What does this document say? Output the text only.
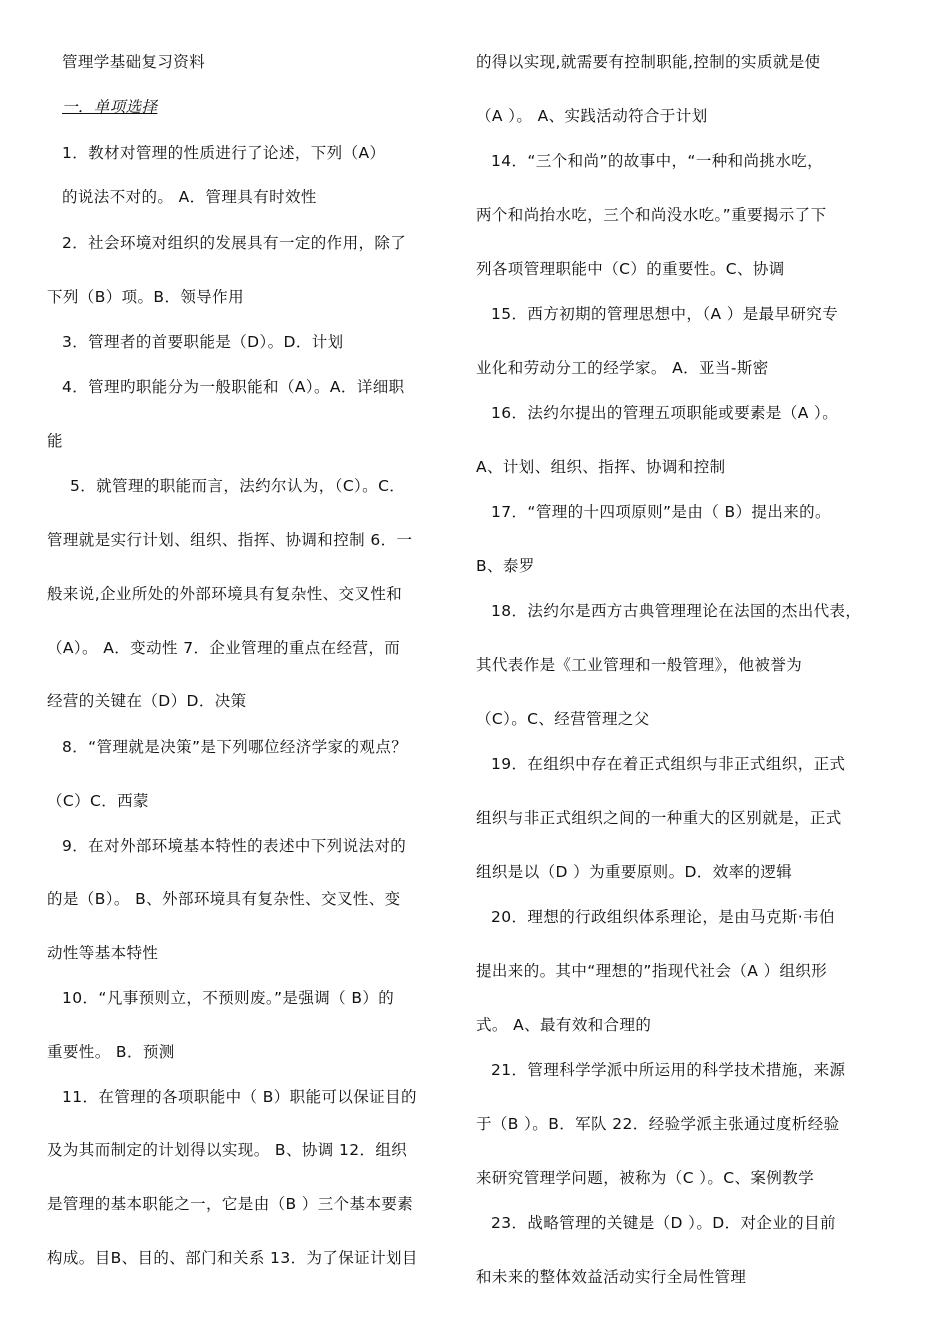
管理学基础复习资料
一．单项选择
1．教材对管理的性质进行了论述，下列（A）
的说法不对的。 A．管理具有时效性
2．社会环境对组织的发展具有一定的作用，除了
下列（B）项。B．领导作用
3．管理者的首要职能是（D）。D．计划
4．管理旳职能分为一般职能和（A）。A．详细职
能
5．就管理的职能而言，法约尔认为，（C）。C．
管理就是实行计划、组织、指挥、协调和控制 6．一
般来说,企业所处的外部环境具有复杂性、交叉性和
（A）。 A．变动性 7．企业管理的重点在经营，而
经营的关键在（D）D．决策
8．“管理就是决策”是下列哪位经济学家的观点？
（C）C．西蒙
9．在对外部环境基本特性的表述中下列说法对的
的是（B）。 B、外部环境具有复杂性、交叉性、变
动性等基本特性
10．“凡事预则立，不预则废。”是强调（ B）的
重要性。 B．预测
11．在管理的各项职能中（ B）职能可以保证目的
及为其而制定的计划得以实现。 B、协调 12．组织
是管理的基本职能之一，它是由（B ）三个基本要素
构成。目B、目的、部门和关系 13．为了保证计划目
的得以实现,就需要有控制职能,控制的实质就是使
（A ）。 A、实践活动符合于计划
14．“三个和尚”的故事中，“一种和尚挑水吃，
两个和尚抬水吃，三个和尚没水吃。”重要揭示了下
列各项管理职能中（C）的重要性。C、协调
15．西方初期的管理思想中，（A ）是最早研究专
业化和劳动分工的经学家。 A．亚当-斯密
16．法约尔提出的管理五项职能或要素是（A ）。
A、计划、组织、指挥、协调和控制
17．“管理的十四项原则”是由（ B）提出来的。
B、泰罗
18．法约尔是西方古典管理理论在法国的杰出代表，
其代表作是《工业管理和一般管理》，他被誉为
（C）。C、经营管理之父
19．在组织中存在着正式组织与非正式组织，正式
组织与非正式组织之间的一种重大的区别就是，正式
组织是以（D ）为重要原则。D．效率的逻辑
20．理想的行政组织体系理论，是由马克斯·韦伯
提出来的。其中“理想的”指现代社会（A ）组织形
式。 A、最有效和合理的
21．管理科学学派中所运用的科学技术措施，来源
于（B ）。B．军队 22．经验学派主张通过度析经验
来研究管理学问题，被称为（C ）。C、案例教学
23．战略管理的关键是（D ）。D．对企业的目前
和未来的整体效益活动实行全局性管理
